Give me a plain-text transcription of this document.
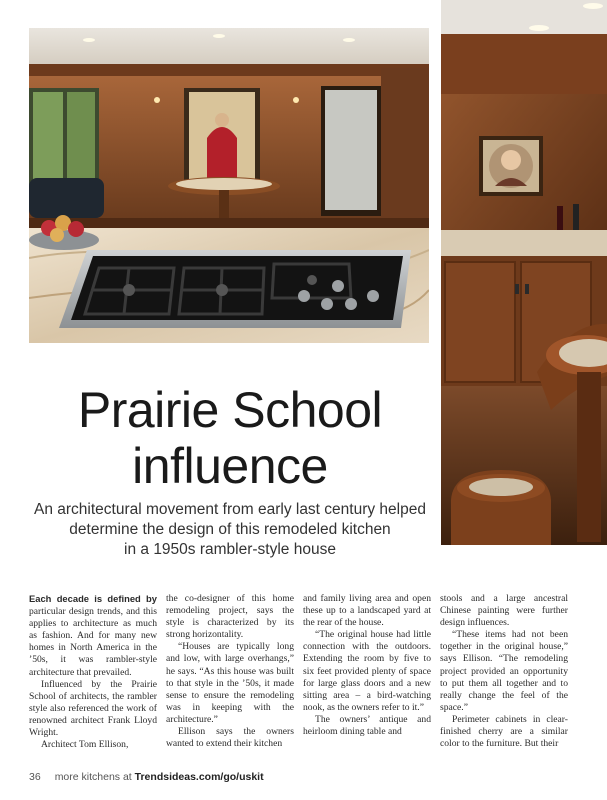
Prairie School
influence

An architectural movement from early last century helped
determine the design of this remodeled kitchen
in a 1950s rambler-style house

Each decade is defined by particular design trends, and this applies to architecture as much as fashion. And for many new homes in North America in the ’50s, it was rambler-style architecture that prevailed.

Influenced by the Prairie School of architects, the rambler style also referenced the work of renowned architect Frank Lloyd Wright.

Architect Tom Ellison,

the co-designer of this home remodeling project, says the style is characterized by its strong horizontality.

“Houses are typically long and low, with large overhangs,” he says. “As this house was built to that style in the ’50s, it made sense to ensure the remodeling was in keeping with the architecture.”

Ellison says the owners wanted to extend their kitchen

and family living area and open these up to a landscaped yard at the rear of the house.

“The original house had little connection with the outdoors. Extending the room by five to six feet provided plenty of space for large glass doors and a new sitting area – a bird-watching nook, as the owners refer to it.”

The owners’ antique and heirloom dining table and

stools and a large ancestral Chinese painting were further design influences.

“These items had not been together in the original house,” says Ellison. “The remodeling project provided an opportunity to put them all together and to really change the feel of the space.”

Perimeter cabinets in clear-finished cherry are a similar color to the furniture. But their

36 more kitchens at Trendsideas.com/go/uskit
